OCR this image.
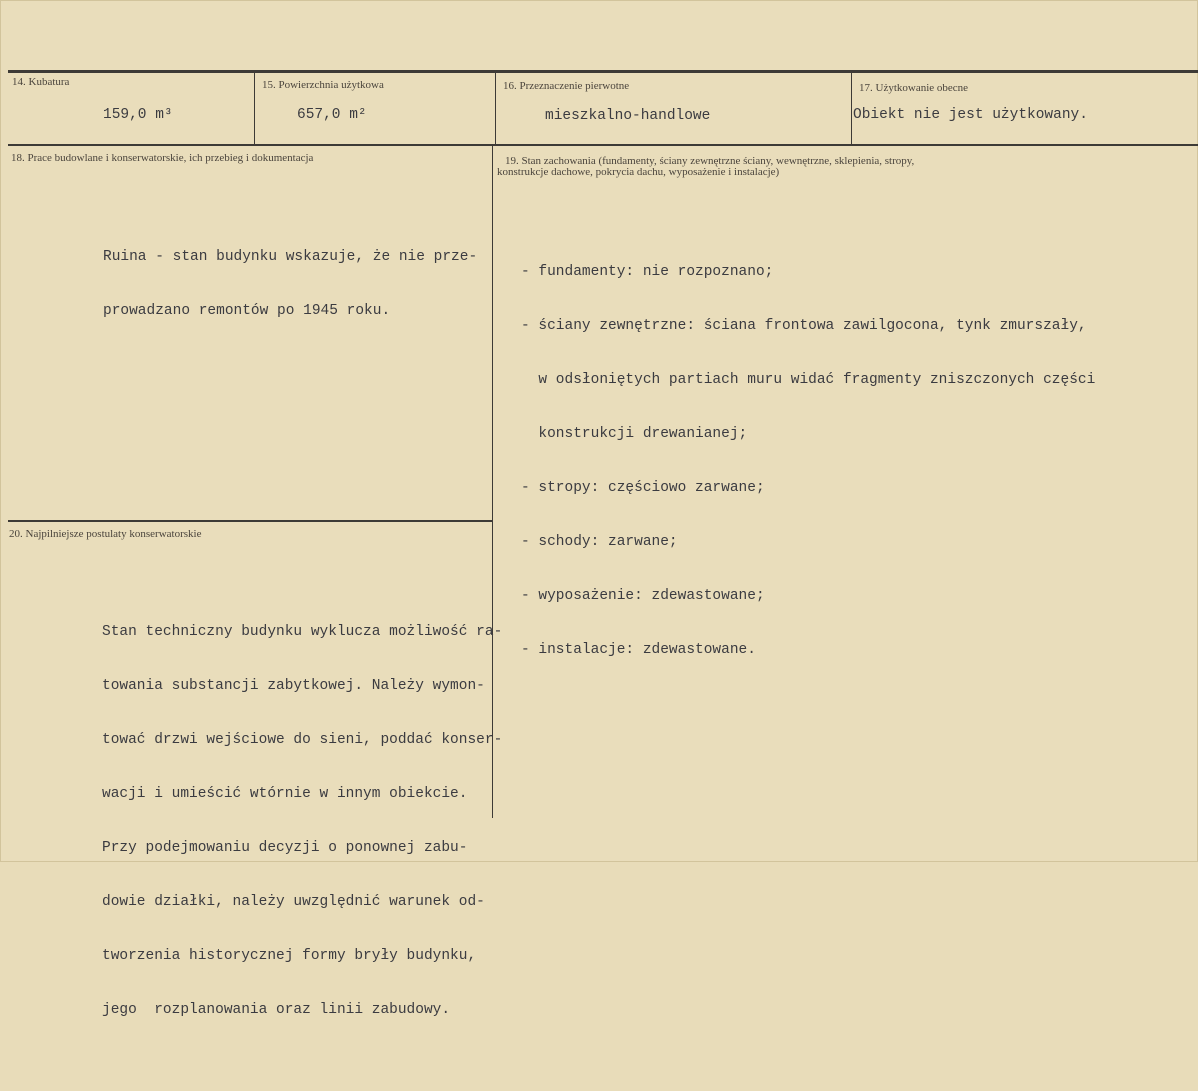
14. Kubatura
159,0 m³
15. Powierzchnia użytkowa
657,0 m²
16. Przeznaczenie pierwotne
mieszkalno-handlowe
17. Użytkowanie obecne
Obiekt nie jest użytkowany.
18. Prace budowlane i konserwatorskie, ich przebieg i dokumentacja

Ruina - stan budynku wskazuje, że nie prze-

prowadzano remontów po 1945 roku.

19. Stan zachowania (fundamenty, ściany zewnętrzne ściany, wewnętrzne, sklepienia, stropy,
konstrukcje dachowe, pokrycia dachu, wyposażenie i instalacje)

- fundamenty: nie rozpoznano;

- ściany zewnętrzne: ściana frontowa zawilgocona, tynk zmurszały,

w odsłoniętych partiach muru widać fragmenty zniszczonych części

konstrukcji drewanianej;

- stropy: częściowo zarwane;

- schody: zarwane;

- wyposażenie: zdewastowane;

- instalacje: zdewastowane.

20. Najpilniejsze postulaty konserwatorskie

Stan techniczny budynku wyklucza możliwość ra-

towania substancji zabytkowej. Należy wymon-

tować drzwi wejściowe do sieni, poddać konser-

wacji i umieścić wtórnie w innym obiekcie.

Przy podejmowaniu decyzji o ponownej zabu-

dowie działki, należy uwzględnić warunek od-

tworzenia historycznej formy bryły budynku,

jego  rozplanowania oraz linii zabudowy.
